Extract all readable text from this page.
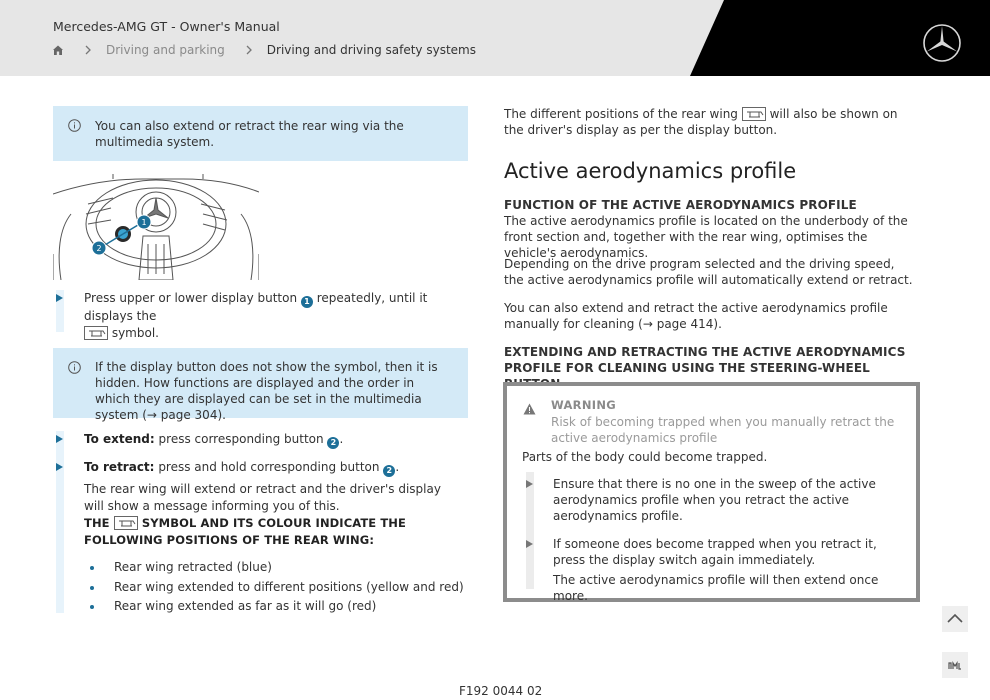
Mercedes-AMG GT - Owner's Manual
Driving and parking	Driving and driving safety systems
You can also extend or retract the rear wing via the multimedia system.
1
2
Press upper or lower display button 1 repeatedly, until it displays the

symbol.
If the display button does not show the symbol, then it is hidden. How functions are displayed and the order in which they are displayed can be set in the multimedia system (→ page 304).
To extend: press corresponding button 2 .
To retract: press and hold corresponding button 2 .
The rear wing will extend or retract and the driver's display will show a message informing you of this.
THE	SYMBOL AND ITS COLOUR INDICATE THE FOLLOWING POSITIONS OF THE REAR WING:
Rear wing retracted (blue)
Rear wing extended to different positions (yellow and red)
Rear wing extended as far as it will go (red)
The different positions of the rear wing	will also be shown on the driver's display as per the display button.
Active aerodynamics profile
FUNCTION OF THE ACTIVE AERODYNAMICS PROFILE
The active aerodynamics profile is located on the underbody of the front section and, together with the rear wing, optimises the vehicle's aerodynamics.
Depending on the drive program selected and the driving speed, the active aerodynamics profile will automatically extend or retract.
You can also extend and retract the active aerodynamics profile manually for cleaning (→ page 414).
EXTENDING AND RETRACTING THE ACTIVE AERODYNAMICS PROFILE FOR CLEANING USING THE STEERING-WHEEL
WARNING
Risk of becoming trapped when you manually retract the active aerodynamics profile
Parts of the body could become trapped.
Ensure that there is no one in the sweep of the active aerodynamics profile when you retract the active aerodynamics profile.
If someone does become trapped when you retract it, press the display switch again immediately.
The active aerodynamics profile will then extend once more.
F192 0044 02
